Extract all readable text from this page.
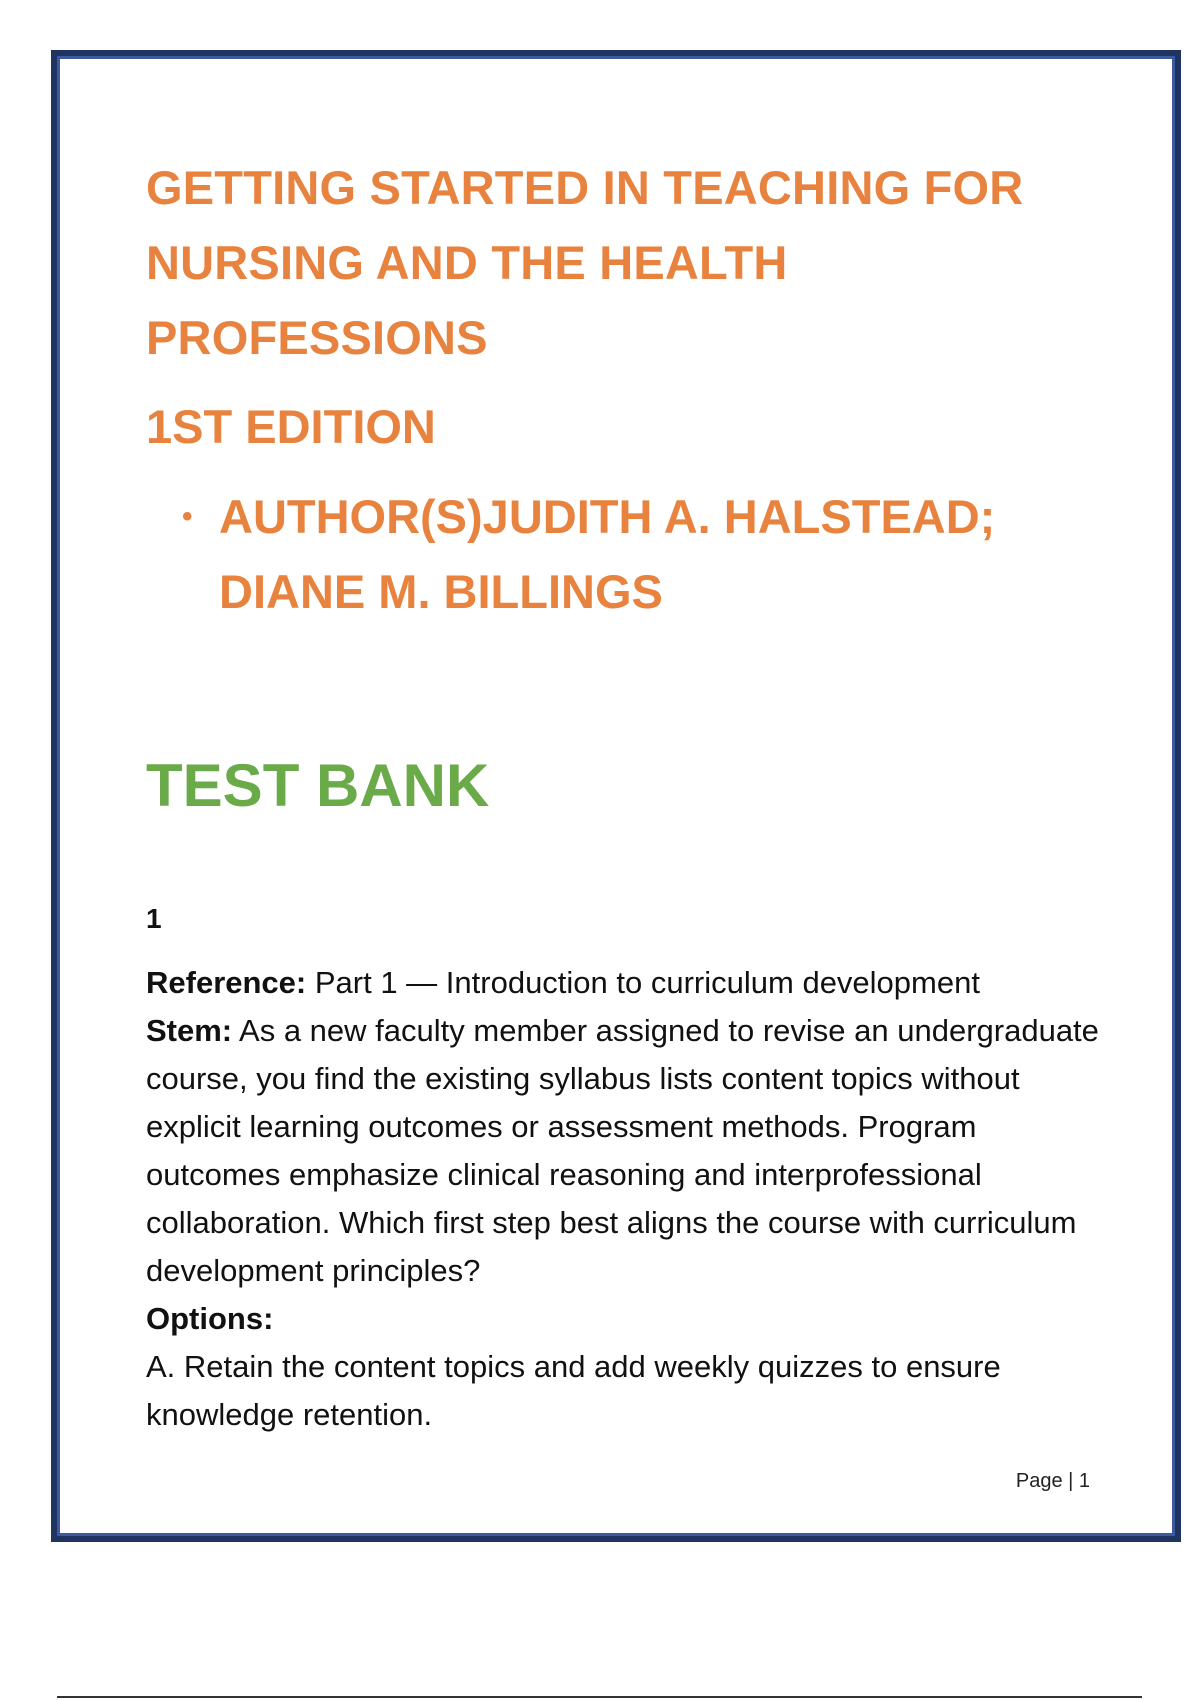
GETTING STARTED IN TEACHING FOR
NURSING AND THE HEALTH
PROFESSIONS
1ST EDITION
• AUTHOR(S)JUDITH A. HALSTEAD;
DIANE M. BILLINGS
TEST BANK
1

Reference: Part 1 — Introduction to curriculum development

Stem: As a new faculty member assigned to revise an undergraduate course, you find the existing syllabus lists content topics without explicit learning outcomes or assessment methods. Program outcomes emphasize clinical reasoning and interprofessional collaboration. Which first step best aligns the course with curriculum development principles?

Options:

A. Retain the content topics and add weekly quizzes to ensure knowledge retention.

Page | 1
